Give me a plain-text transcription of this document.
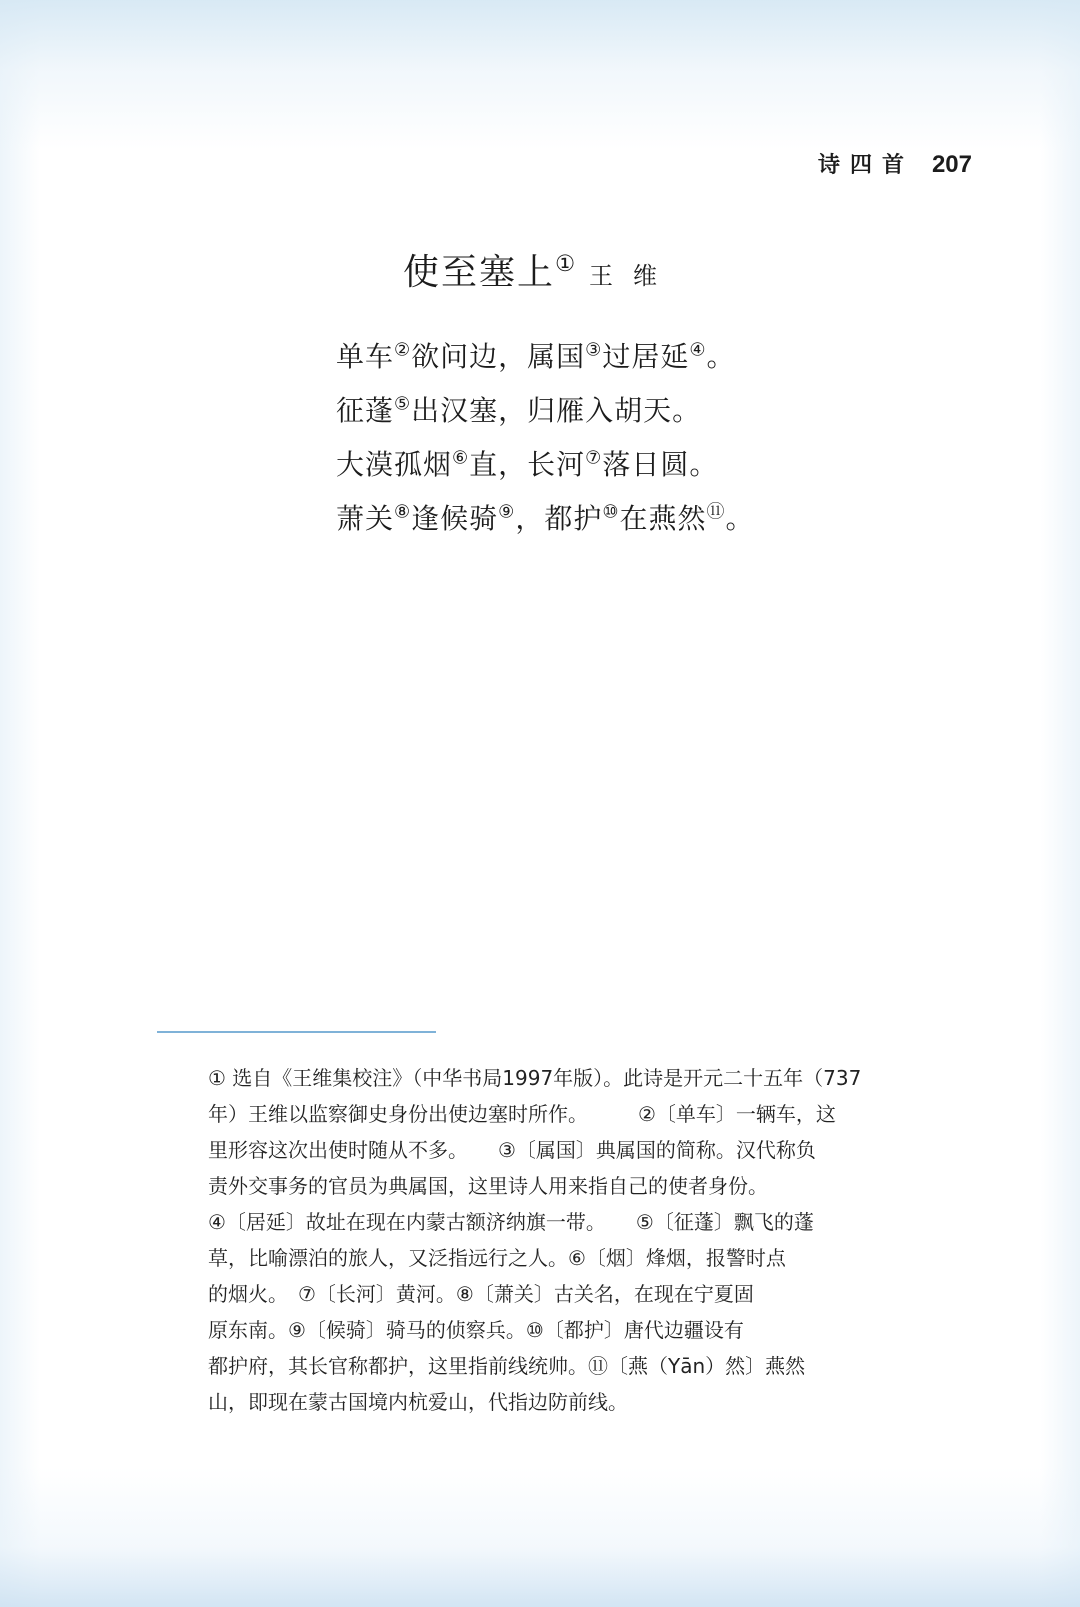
诗四首 207
使至塞上① 王维
单车②欲问边，属国③过居延④。
征蓬⑤出汉塞，归雁入胡天。
大漠孤烟⑥直，长河⑦落日圆。
萧关⑧逢候骑⑨，都护⑩在燕然⑪。
① 选自《王维集校注》（中华书局1997年版）。此诗是开元二十五年（737
年）王维以监察御史身份出使边塞时所作。　　　②〔单车〕一辆车，这
里形容这次出使时随从不多。　　③〔属国〕典属国的简称。汉代称负
责外交事务的官员为典属国，这里诗人用来指自己的使者身份。
④〔居延〕故址在现在内蒙古额济纳旗一带。　　⑤〔征蓬〕飘飞的蓬
草，比喻漂泊的旅人，又泛指远行之人。⑥〔烟〕烽烟，报警时点
的烟火。　⑦〔长河〕黄河。⑧〔萧关〕古关名，在现在宁夏固
原东南。⑨〔候骑〕骑马的侦察兵。⑩〔都护〕唐代边疆设有
都护府，其长官称都护，这里指前线统帅。⑪〔燕（Yān）然〕燕然
山，即现在蒙古国境内杭爱山，代指边防前线。
